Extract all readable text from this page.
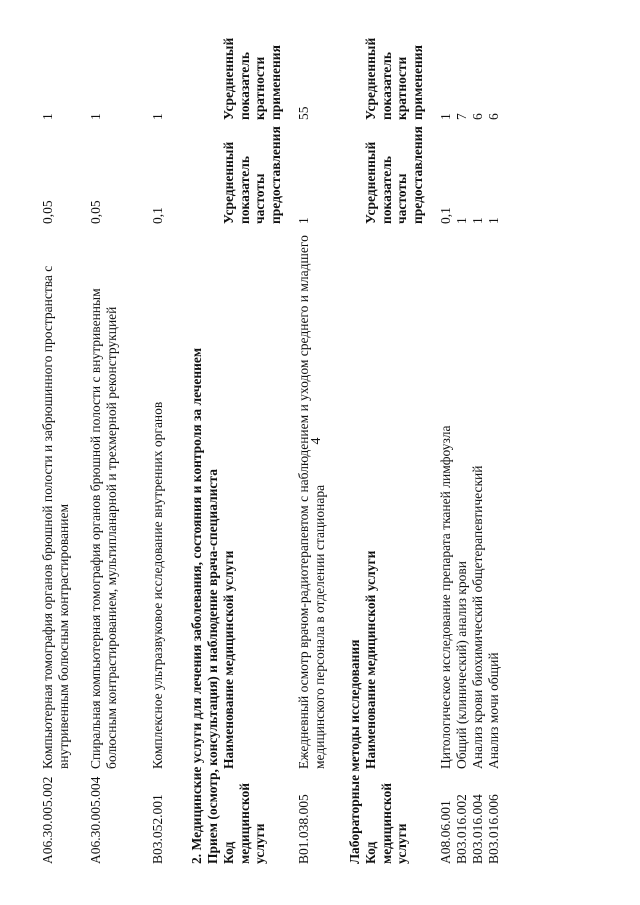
4
A06.30.005.002
Компьютерная томография органов брюшной полости и забрюшинного пространства с внутривенным болюсным контрастированием
0,05
1
A06.30.005.004
Спиральная компьютерная томография органов брюшной полости с внутривенным болюсным контрастированием, мультипланарной и трехмерной реконструкцией
0,05
1
B03.052.001
Комплексное ультразвуковое исследование внутренних органов
0,1
1
2. Медицинские услуги для лечения заболевания, состояния и контроля за лечением Прием (осмотр, консультация) и наблюдение врача-специалиста Код медицинской услуги
Наименование медицинской услуги
Усредненный показатель частоты предоставления
Усредненный показатель кратности применения
B01.038.005
Ежедневный осмотр врачом-радиотерапевтом с наблюдением и уходом среднего и младшего медицинского персонала в отделении стационара
1
55
Лабораторные методы исследования Код медицинской услуги
Наименование медицинской услуги
Усредненный показатель частоты предоставления
Усредненный показатель кратности применения
A08.06.001
Цитологическое исследование препарата тканей лимфоузла
0,1
1
B03.016.002
Общий (клинический) анализ крови
1
7
B03.016.004
Анализ крови биохимический общетерапевтический
1
6
B03.016.006
Анализ мочи общий
1
6
